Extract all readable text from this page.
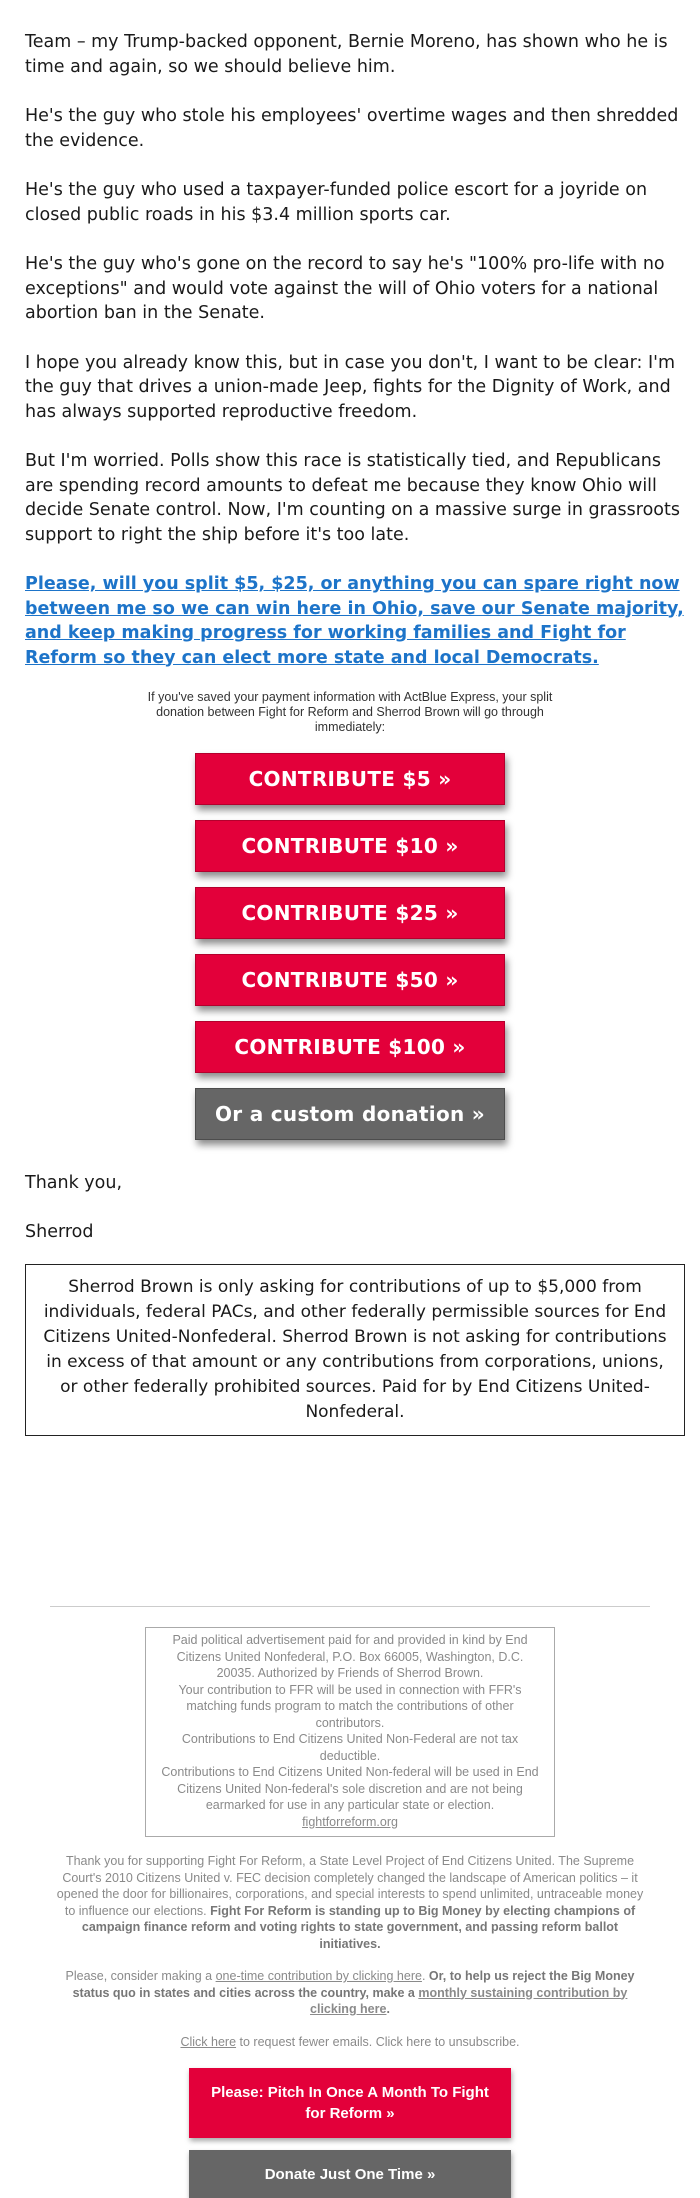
Team – my Trump-backed opponent, Bernie Moreno, has shown who he is time and again, so we should believe him.

He's the guy who stole his employees' overtime wages and then shredded the evidence.

He's the guy who used a taxpayer-funded police escort for a joyride on closed public roads in his $3.4 million sports car.

He's the guy who's gone on the record to say he's "100% pro-life with no exceptions" and would vote against the will of Ohio voters for a national abortion ban in the Senate.

I hope you already know this, but in case you don't, I want to be clear: I'm the guy that drives a union-made Jeep, fights for the Dignity of Work, and has always supported reproductive freedom.

But I'm worried. Polls show this race is statistically tied, and Republicans are spending record amounts to defeat me because they know Ohio will decide Senate control. Now, I'm counting on a massive surge in grassroots support to right the ship before it's too late.

Please, will you split $5, $25, or anything you can spare right now between me so we can win here in Ohio, save our Senate majority, and keep making progress for working families and Fight for Reform so they can elect more state and local Democrats.
If you've saved your payment information with ActBlue Express, your split donation between Fight for Reform and Sherrod Brown will go through immediately:
CONTRIBUTE $5 »
CONTRIBUTE $10 »
CONTRIBUTE $25 »
CONTRIBUTE $50 »
CONTRIBUTE $100 »
Or a custom donation »

Thank you,

Sherrod

Sherrod Brown is only asking for contributions of up to $5,000 from individuals, federal PACs, and other federally permissible sources for End Citizens United-Nonfederal. Sherrod Brown is not asking for contributions in excess of that amount or any contributions from corporations, unions, or other federally prohibited sources. Paid for by End Citizens United-Nonfederal.
Paid political advertisement paid for and provided in kind by End Citizens United Nonfederal, P.O. Box 66005, Washington, D.C. 20035. Authorized by Friends of Sherrod Brown.
Your contribution to FFR will be used in connection with FFR's matching funds program to match the contributions of other contributors.
Contributions to End Citizens United Non-Federal are not tax deductible.
Contributions to End Citizens United Non-federal will be used in End Citizens United Non-federal's sole discretion and are not being earmarked for use in any particular state or election.
fightforreform.org
Thank you for supporting Fight For Reform, a State Level Project of End Citizens United. The Supreme Court's 2010 Citizens United v. FEC decision completely changed the landscape of American politics – it opened the door for billionaires, corporations, and special interests to spend unlimited, untraceable money to influence our elections. Fight For Reform is standing up to Big Money by electing champions of campaign finance reform and voting rights to state government, and passing reform ballot initiatives.
Please, consider making a one-time contribution by clicking here. Or, to help us reject the Big Money status quo in states and cities across the country, make a monthly sustaining contribution by clicking here.
Click here to request fewer emails. Click here to unsubscribe.
Please: Pitch In Once A Month To Fight for Reform »
Donate Just One Time »
